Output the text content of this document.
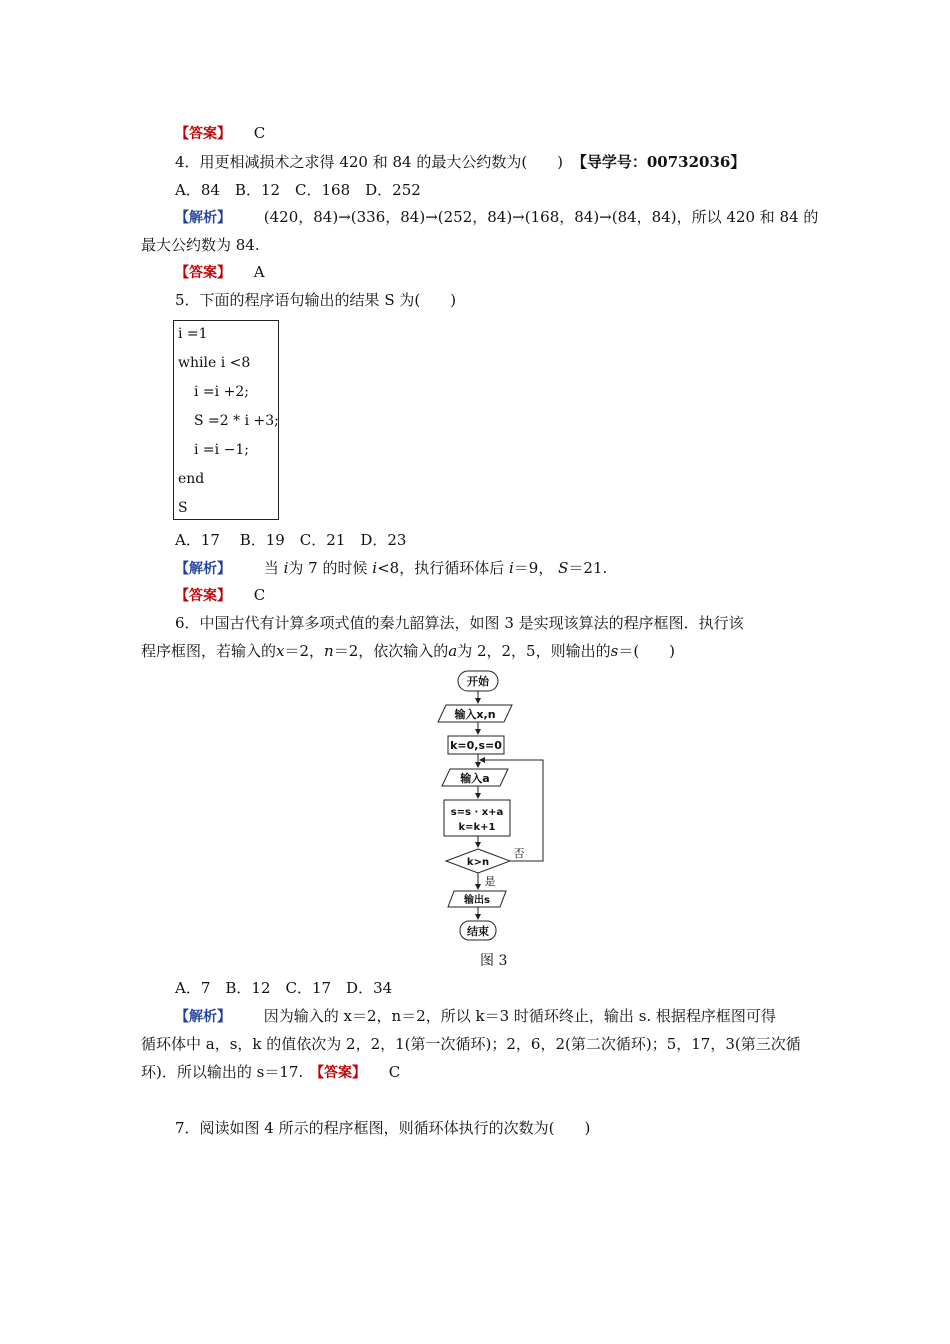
【答案】 C
4．用更相减损术之求得 420 和 84 的最大公约数为(　　) 【导学号：00732036】
A．84　B．12　C．168　D．252
【解析】 (420，84)→(336，84)→(252，84)→(168，84)→(84，84)，所以 420 和 84 的
最大公约数为 84.
【答案】 A
5．下面的程序语句输出的结果 S 为(　　)
i =1
while i <8
i =i +2;
S =2 * i +3;
i =i −1;
end
S
A．17　 B．19　C．21　D．23
【解析】 当 i为 7 的时候 i<8，执行循环体后 i＝9， S＝21.
【答案】 C
6．中国古代有计算多项式值的秦九韶算法，如图 3 是实现该算法的程序框图．执行该
程序框图，若输入的x＝2，n＝2，依次输入的a为 2，2，5，则输出的s＝(　　)
开始
输入x,n
k=0,s=0
输入a
s=s · x+a
k=k+1
k>n
否
是
输出s
结束
图 3
A．7　B．12　C．17　D．34
【解析】 因为输入的 x＝2，n＝2，所以 k＝3 时循环终止，输出 s. 根据程序框图可得
循环体中 a，s，k 的值依次为 2，2，1(第一次循环)；2，6，2(第二次循环)；5，17，3(第三次循
环)．所以输出的 s＝17. 【答案】 C
7．阅读如图 4 所示的程序框图，则循环体执行的次数为(　　)
